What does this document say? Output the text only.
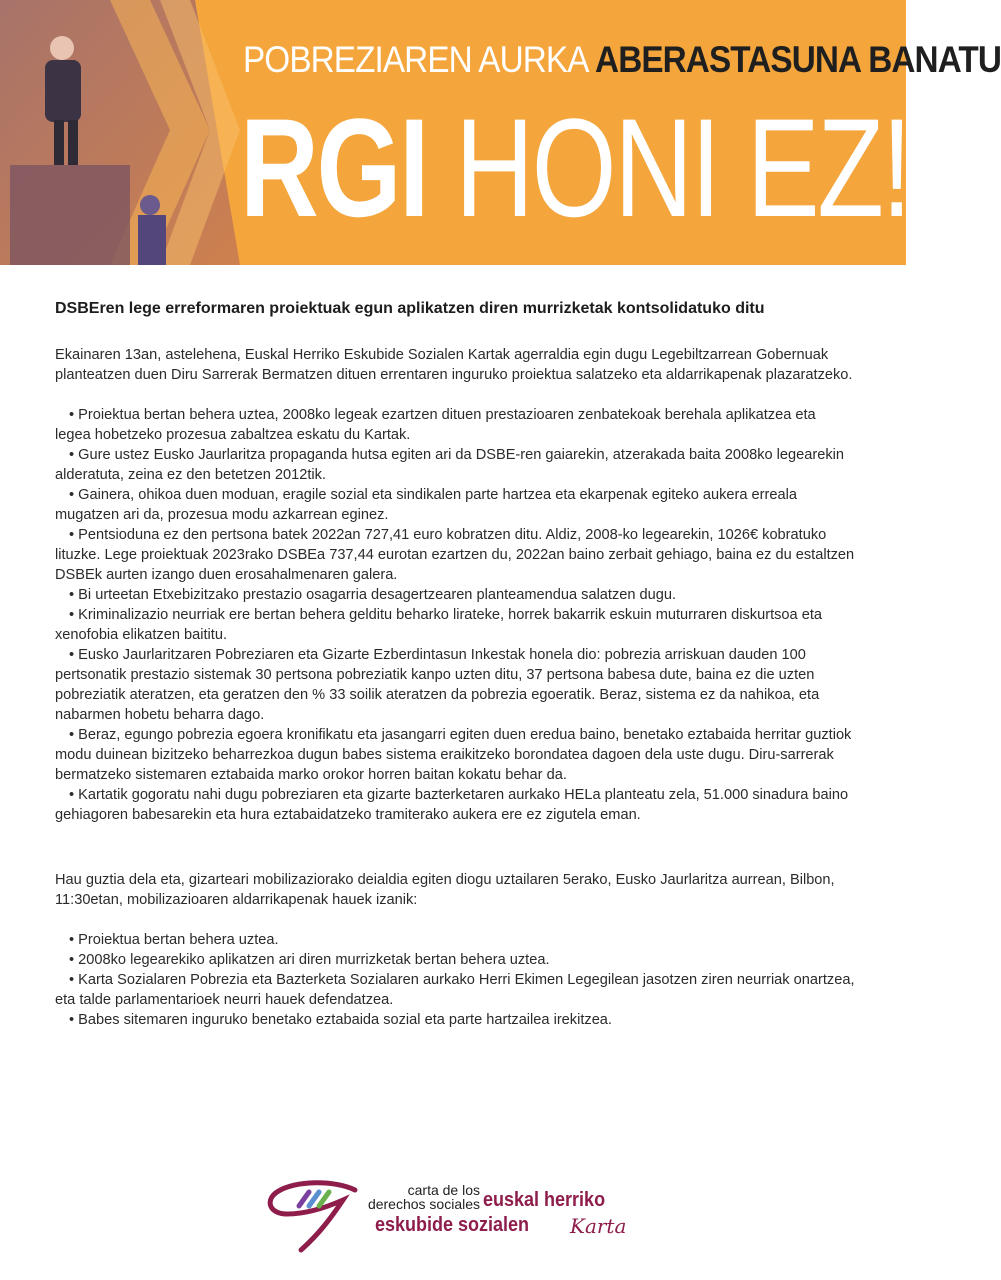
POBREZIAREN AURKA ABERASTASUNA BANATU
RGI HONI EZ!

DSBEren lege erreformaren proiektuak egun aplikatzen diren murrizketak kontsolidatuko ditu

Ekainaren 13an, astelehena, Euskal Herriko Eskubide Sozialen Kartak agerraldia egin dugu Legebiltzarrean Gobernuak planteatzen duen Diru Sarrerak Bermatzen dituen errentaren inguruko proiektua salatzeko eta aldarrikapenak plazaratzeko.

• Proiektua bertan behera uztea, 2008ko legeak ezartzen dituen prestazioaren zenbatekoak berehala aplikatzea eta legea hobetzeko prozesua zabaltzea eskatu du Kartak.
• Gure ustez Eusko Jaurlaritza propaganda hutsa egiten ari da DSBE-ren gaiarekin, atzerakada baita 2008ko legearekin alderatuta, zeina ez den betetzen 2012tik.
• Gainera, ohikoa duen moduan, eragile sozial eta sindikalen parte hartzea eta ekarpenak egiteko aukera erreala mugatzen ari da, prozesua modu azkarrean eginez.
• Pentsioduna ez den pertsona batek 2022an 727,41 euro kobratzen ditu. Aldiz, 2008-ko legearekin, 1026€ kobratuko lituzke. Lege proiektuak 2023rako DSBEa 737,44 eurotan ezartzen du, 2022an baino zerbait gehiago, baina ez du estaltzen DSBEk aurten izango duen erosahalmenaren galera.
• Bi urteetan Etxebizitzako prestazio osagarria desagertzearen planteamendua salatzen dugu.
• Kriminalizazio neurriak ere bertan behera gelditu beharko lirateke, horrek bakarrik eskuin muturraren diskurtsoa eta xenofobia elikatzen baititu.
• Eusko Jaurlaritzaren Pobreziaren eta Gizarte Ezberdintasun Inkestak honela dio: pobrezia arriskuan dauden 100 pertsonatik prestazio sistemak 30 pertsona pobreziatik kanpo uzten ditu, 37 pertsona babesa dute, baina ez die uzten pobreziatik ateratzen, eta geratzen den % 33 soilik ateratzen da pobrezia egoeratik. Beraz, sistema ez da nahikoa, eta nabarmen hobetu beharra dago.
• Beraz, egungo pobrezia egoera kronifikatu eta jasangarri egiten duen eredua baino, benetako eztabaida herritar guztiok modu duinean bizitzeko beharrezkoa dugun babes sistema eraikitzeko borondatea dagoen dela uste dugu. Diru-sarrerak bermatzeko sistemaren eztabaida marko orokor horren baitan kokatu behar da.
• Kartatik gogoratu nahi dugu pobreziaren eta gizarte bazterketaren aurkako HELa planteatu zela, 51.000 sinadura baino gehiagoren babesarekin eta hura eztabaidatzeko tramiterako aukera ere ez zigutela eman.

Hau guztia dela eta, gizarteari mobilizaziorako deialdia egiten diogu uztailaren 5erako, Eusko Jaurlaritza aurrean, Bilbon, 11:30etan, mobilizazioaren aldarrikapenak hauek izanik:

• Proiektua bertan behera uztea.
• 2008ko legearekiko aplikatzen ari diren murrizketak bertan behera uztea.
• Karta Sozialaren Pobrezia eta Bazterketa Sozialaren aurkako Herri Ekimen Legegilean jasotzen ziren neurriak onartzea, eta talde parlamentarioek neurri hauek defendatzea.
• Babes sitemaren inguruko benetako eztabaida sozial eta parte hartzailea irekitzea.
carta de los
derechos sociales euskal herriko
eskubide sozialen Karta
